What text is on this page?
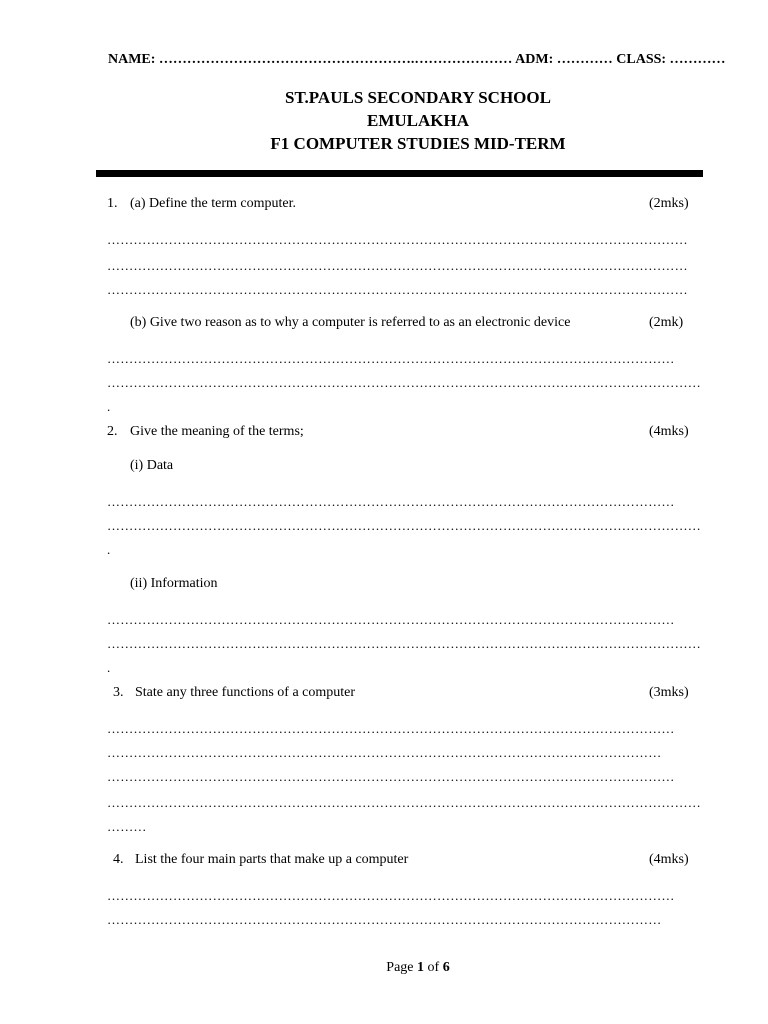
NAME: ……………………………………………….………………… ADM: ………… CLASS: …………
ST.PAULS SECONDARY SCHOOL
EMULAKHA
F1 COMPUTER STUDIES MID-TERM
1. (a) Define the term computer.	(2mks)
……………………………………………………………………………………………………………………
……………………………………………………………………………………………………………………
……………………………………………………………………………………………………………………
(b) Give two reason as to why a computer is referred to as an electronic device	(2mk)
…………………………………………………………………………………………………………………
………………………………………………………………………………………………………………………
.
2. Give the meaning of the terms;	(4mks)
(i) Data
…………………………………………………………………………………………………………………
………………………………………………………………………………………………………………………
.
(ii) Information
…………………………………………………………………………………………………………………
………………………………………………………………………………………………………………………
.
3. State any three functions of a computer	(3mks)
…………………………………………………………………………………………………………………
………………………………………………………………………………………………………………
…………………………………………………………………………………………………………………
………………………………………………………………………………………………………………………
………
4. List the four main parts that make up a computer	(4mks)
…………………………………………………………………………………………………………………
………………………………………………………………………………………………………………
Page 1 of 6
